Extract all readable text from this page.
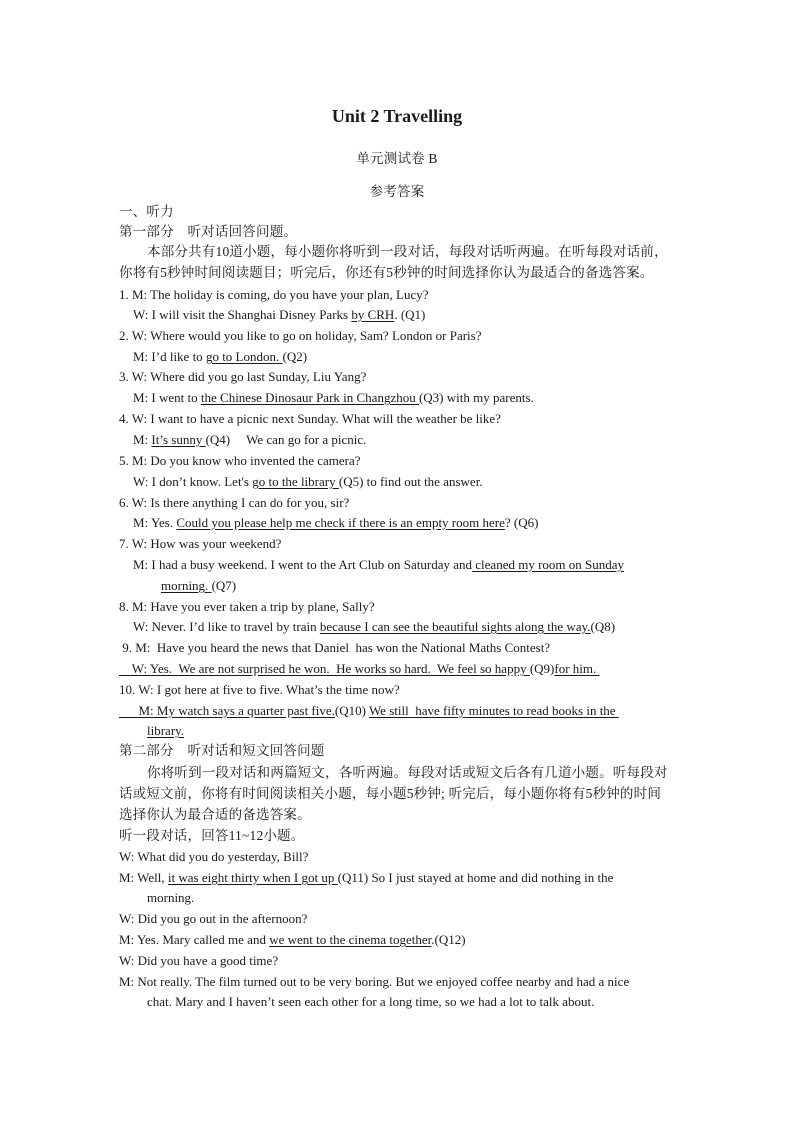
Unit 2 Travelling
单元测试卷 B
参考答案
一、听力
第一部分　听对话回答问题。
本部分共有10道小题，每小题你将听到一段对话，每段对话听两遍。在听每段对话前，
你将有5秒钟时间阅读题目；听完后，你还有5秒钟的时间选择你认为最适合的备选答案。
1. M: The holiday is coming, do you have your plan, Lucy?
W: I will visit the Shanghai Disney Parks by CRH. (Q1)
2. W: Where would you like to go on holiday, Sam? London or Paris?
M: I’d like to go to London. (Q2)
3. W: Where did you go last Sunday, Liu Yang?
M: I went to the Chinese Dinosaur Park in Changzhou (Q3) with my parents.
4. W: I want to have a picnic next Sunday. What will the weather be like?
M: It’s sunny (Q4)     We can go for a picnic.
5. M: Do you know who invented the camera?
W: I don’t know. Let's go to the library (Q5) to find out the answer.
6. W: Is there anything I can do for you, sir?
M: Yes. Could you please help me check if there is an empty room here? (Q6)
7. W: How was your weekend?
M: I had a busy weekend. I went to the Art Club on Saturday and cleaned my room on Sunday
morning. (Q7)
8. M: Have you ever taken a trip by plane, Sally?
W: Never. I’d like to travel by train because I can see the beautiful sights along the way.(Q8)
9. M:  Have you heard the news that Daniel  has won the National Maths Contest?
W: Yes.  We are not surprised he won.  He works so hard.  We feel so happy (Q9)for him.
10. W: I got here at five to five. What’s the time now?
M: My watch says a quarter past five.(Q10) We still  have fifty minutes to read books in the
library.
第二部分　听对话和短文回答问题
你将听到一段对话和两篇短文，各听两遍。每段对话或短文后各有几道小题。听每段对
话或短文前，你将有时间阅读相关小题，每小题5秒钟; 听完后，每小题你将有5秒钟的时间
选择你认为最合适的备选答案。
听一段对话，回答11~12小题。
W: What did you do yesterday, Bill?
M: Well, it was eight thirty when I got up (Q11) So I just stayed at home and did nothing in the
morning.
W: Did you go out in the afternoon?
M: Yes. Mary called me and we went to the cinema together.(Q12)
W: Did you have a good time?
M: Not really. The film turned out to be very boring. But we enjoyed coffee nearby and had a nice
chat. Mary and I haven’t seen each other for a long time, so we had a lot to talk about.
